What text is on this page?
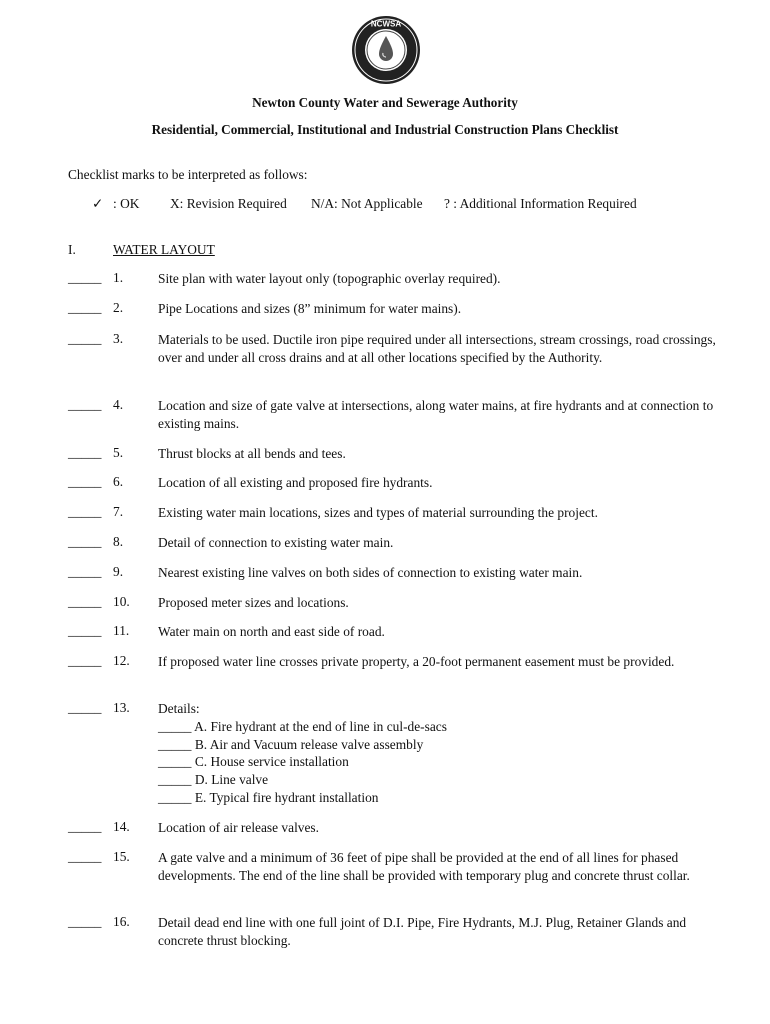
NCWSA
Newton County Water and Sewerage Authority
Residential, Commercial, Institutional and Industrial Construction Plans Checklist
Checklist marks to be interpreted as follows:
✓ : OK X: Revision Required N/A: Not Applicable ? : Additional Information Required
I.	WATER LAYOUT
_____ 1.	Site plan with water layout only (topographic overlay required).
_____ 2.	Pipe Locations and sizes (8” minimum for water mains).
_____ 3.	Materials to be used. Ductile iron pipe required under all intersections, stream crossings, road crossings, over and under all cross drains and at all other locations specified by the Authority.
_____ 4.	Location and size of gate valve at intersections, along water mains, at fire hydrants and at connection to existing mains.
_____ 5.	Thrust blocks at all bends and tees.
_____ 6.	Location of all existing and proposed fire hydrants.
_____ 7.	Existing water main locations, sizes and types of material surrounding the project.
_____ 8.	Detail of connection to existing water main.
_____ 9.	Nearest existing line valves on both sides of connection to existing water main.
_____ 10. Proposed meter sizes and locations.
_____ 11. Water main on north and east side of road.
_____ 12. If proposed water line crosses private property, a 20-foot permanent easement must be provided.
_____ 13. Details:
_____ A. Fire hydrant at the end of line in cul-de-sacs
_____ B. Air and Vacuum release valve assembly
_____ C. House service installation
_____ D. Line valve
_____ E. Typical fire hydrant installation
_____ 14. Location of air release valves.
_____ 15. A gate valve and a minimum of 36 feet of pipe shall be provided at the end of all lines for phased developments. The end of the line shall be provided with temporary plug and concrete thrust collar.
_____ 16. Detail dead end line with one full joint of D.I. Pipe, Fire Hydrants, M.J. Plug, Retainer Glands and concrete thrust blocking.
